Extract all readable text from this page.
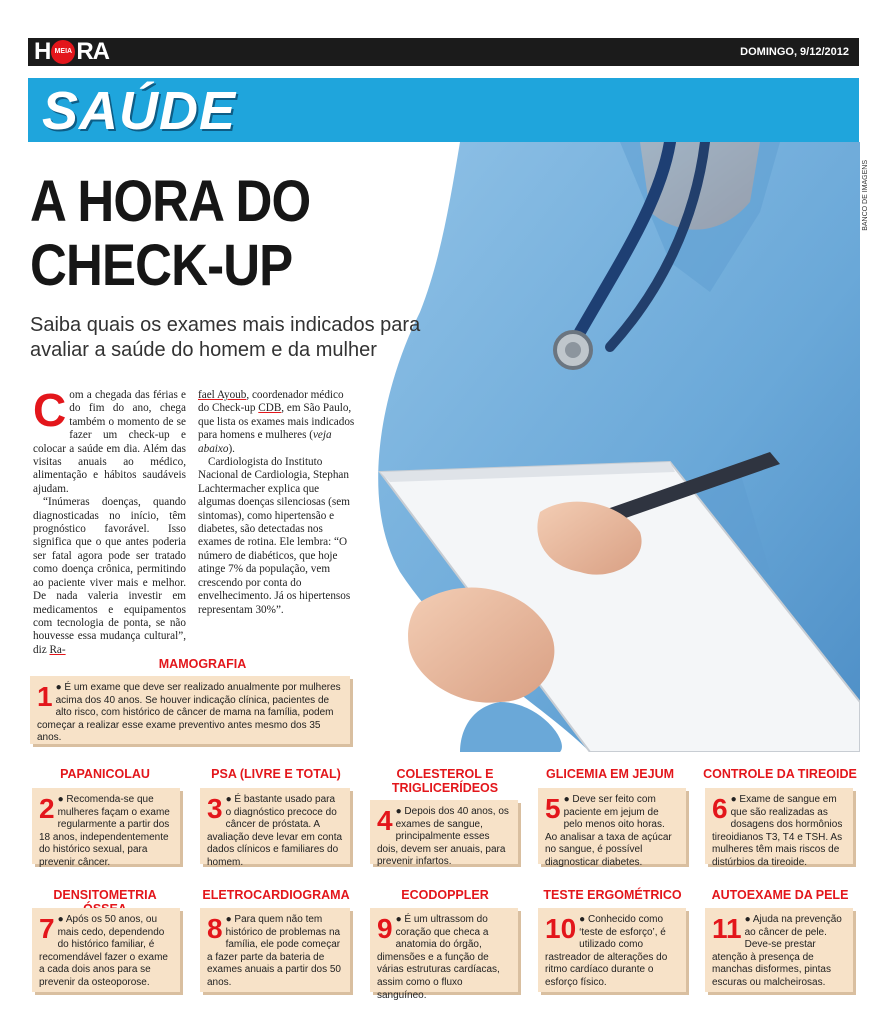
H MEIA RA	DOMINGO, 9/12/2012
SAÚDE
BANCO DE IMAGENS
A HORA DO
CHECK-UP
Saiba quais os exames mais indicados para avaliar a saúde do homem e da mulher

Com a chegada das férias e do fim do ano, chega também o momento de se fazer um check-up e colocar a saúde em dia. Além das visitas anuais ao médico, alimentação e hábitos saudáveis ajudam.

“Inúmeras doenças, quando diagnosticadas no início, têm prognóstico favorável. Isso significa que o que antes poderia ser fatal agora pode ser tratado como doença crônica, permitindo ao paciente viver mais e melhor. De nada valeria investir em medicamentos e equipamentos com tecnologia de ponta, se não houvesse essa mudança cultural”, diz Ra-

fael Ayoub, coordenador médico do Check-up CDB, em São Paulo, que lista os exames mais indicados para homens e mulheres (veja abaixo).

Cardiologista do Instituto Nacional de Cardiologia, Stephan Lachtermacher explica que algumas doenças silenciosas (sem sintomas), como hipertensão e diabetes, são detectadas nos exames de rotina. Ele lembra: “O número de diabéticos, que hoje atinge 7% da população, vem crescendo por conta do envelhecimento. Já os hipertensos representam 30%”.

MAMOGRAFIA
1 ● É um exame que deve ser realizado anualmente por mulheres acima dos 40 anos. Se houver indicação clínica, pacientes de alto risco, com histórico de câncer de mama na família, podem começar a realizar esse exame preventivo antes mesmo dos 35 anos.
PAPANICOLAU
2 ● Recomenda-se que mulheres façam o exame regularmente a partir dos 18 anos, independentemente do histórico sexual, para prevenir câncer.
PSA (LIVRE E TOTAL)
3 ● É bastante usado para o diagnóstico precoce do câncer de próstata. A avaliação deve levar em conta dados clínicos e familiares do homem.
COLESTEROL E TRIGLICERÍDEOS
4 ● Depois dos 40 anos, os exames de sangue, principalmente esses dois, devem ser anuais, para prevenir infartos.
GLICEMIA EM JEJUM
5 ● Deve ser feito com paciente em jejum de pelo menos oito horas. Ao analisar a taxa de açúcar no sangue, é possível diagnosticar diabetes.
CONTROLE DA TIREOIDE
6 ● Exame de sangue em que são realizadas as dosagens dos hormônios tireoidianos T3, T4 e TSH. As mulheres têm mais riscos de distúrbios da tireoide.
DENSITOMETRIA
7 ● Após os 50 anos, ou mais cedo, dependendo do histórico familiar, é recomendável fazer o exame a cada dois anos para se prevenir da osteoporose.
ELETROCARDIOGRAMA
8 ● Para quem não tem histórico de problemas na família, ele pode começar a fazer parte da bateria de exames anuais a partir dos 50 anos.
ECODOPPLER
9 ● É um ultrassom do coração que checa a anatomia do órgão, dimensões e a função de várias estruturas cardíacas, assim como o fluxo sanguíneo.
TESTE ERGOMÉTRICO
10 ● Conhecido como ‘teste de esforço’, é utilizado como rastreador de alterações do ritmo cardíaco durante o esforço físico.
AUTOEXAME DA PELE
11 ● Ajuda na prevenção ao câncer de pele. Deve-se prestar atenção à presença de manchas disformes, pintas escuras ou malcheirosas.
